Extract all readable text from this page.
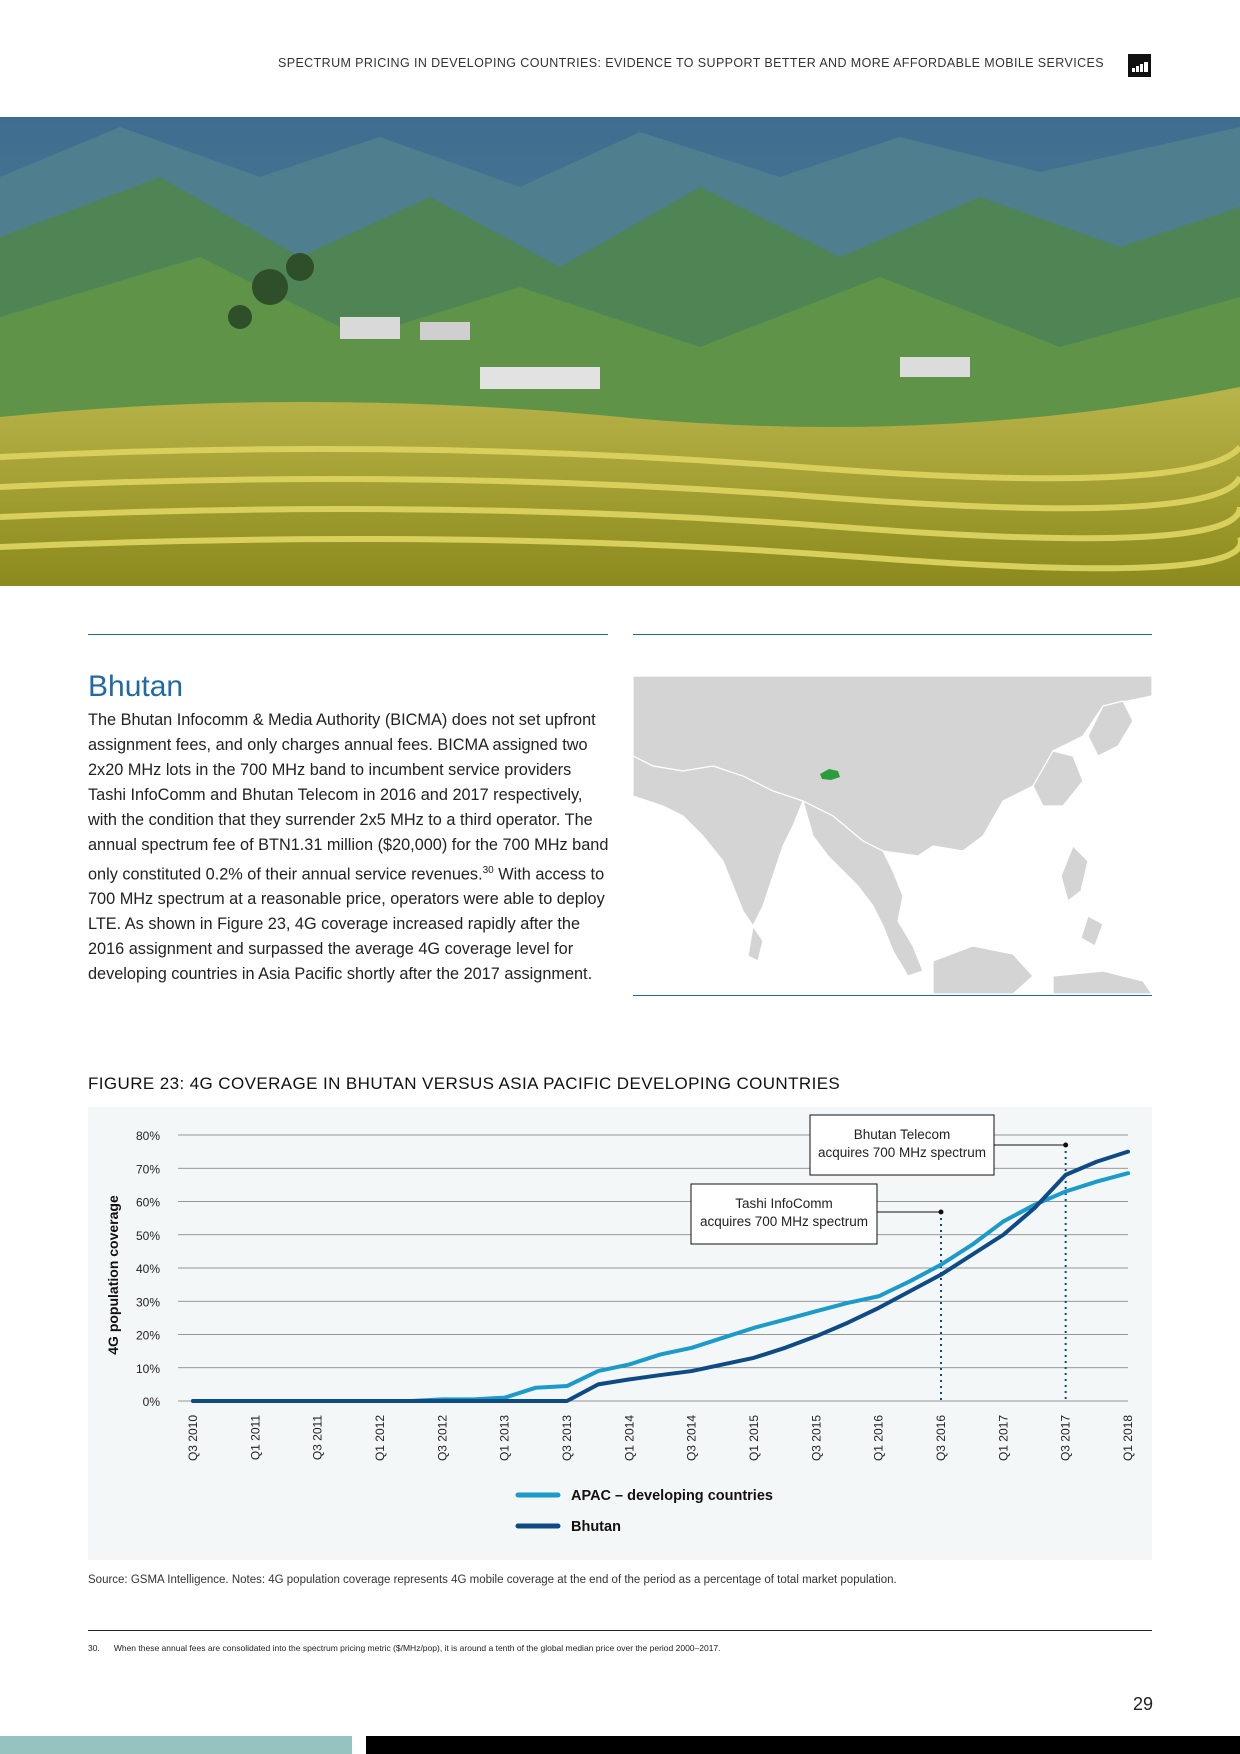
SPECTRUM PRICING IN DEVELOPING COUNTRIES: EVIDENCE TO SUPPORT BETTER AND MORE AFFORDABLE MOBILE SERVICES
Bhutan
The Bhutan Infocomm & Media Authority (BICMA) does not set upfront assignment fees, and only charges annual fees. BICMA assigned two 2x20 MHz lots in the 700 MHz band to incumbent service providers Tashi InfoComm and Bhutan Telecom in 2016 and 2017 respectively, with the condition that they surrender 2x5 MHz to a third operator. The annual spectrum fee of BTN1.31 million ($20,000) for the 700 MHz band only constituted 0.2% of their annual service revenues.$^{30}$ With access to 700 MHz spectrum at a reasonable price, operators were able to deploy LTE. As shown in Figure 23, 4G coverage increased rapidly after the 2016 assignment and surpassed the average 4G coverage level for developing countries in Asia Pacific shortly after the 2017 assignment.
FIGURE 23: 4G COVERAGE IN BHUTAN VERSUS ASIA PACIFIC DEVELOPING COUNTRIES
4G population coverage
0%
10%
20%
30%
40%
50%
60%
70%
80%
Q3 2010	Q1 2011	Q3 2011	Q1 2012	Q3 2012	Q1 2013	Q3 2013	Q1 2014	Q3 2014	Q1 2015	Q3 2015	Q1 2016	Q3 2016	Q1 2017	Q3 2017	Q1 2018
Tashi InfoComm
acquires 700 MHz spectrum
Bhutan Telecom
acquires 700 MHz spectrum
APAC – developing countries
Bhutan
Source: GSMA Intelligence. Notes: 4G population coverage represents 4G mobile coverage at the end of the period as a percentage of total market population.
30. When these annual fees are consolidated into the spectrum pricing metric ($/MHz/pop), it is around a tenth of the global median price over the period 2000–2017.
29
